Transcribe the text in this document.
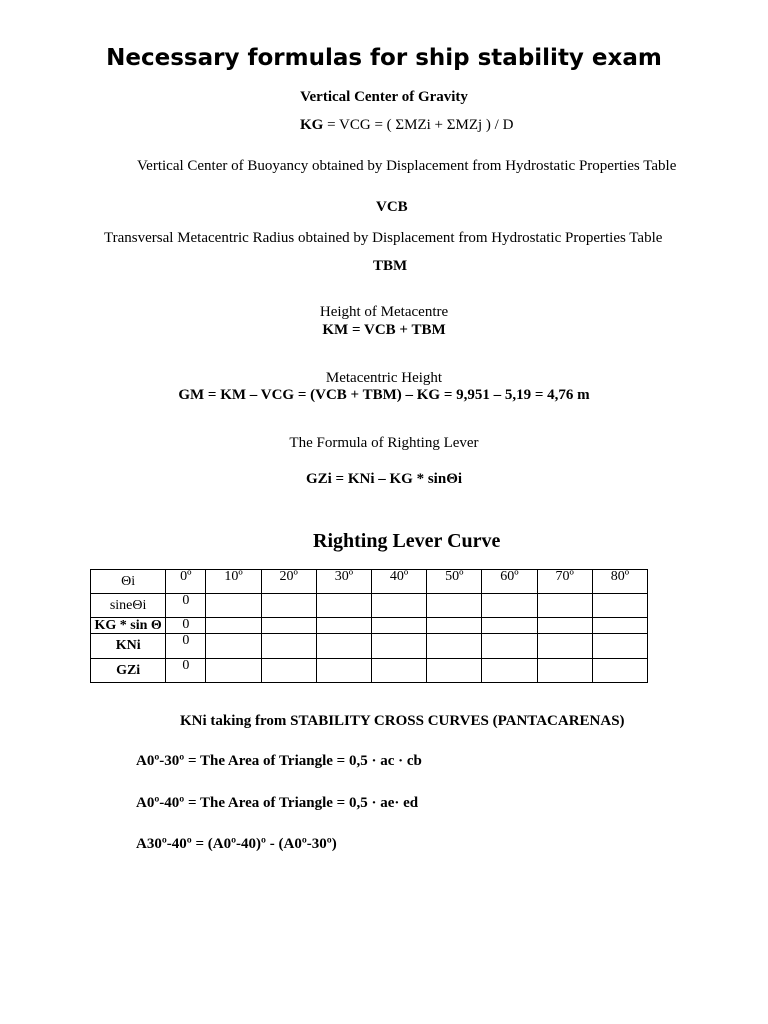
Necessary formulas for ship stability exam
Vertical Center of Gravity
KG = VCG = ( ΣMZi + ΣMZj ) / D
Vertical Center of Buoyancy obtained by Displacement from Hydrostatic Properties Table
VCB
Transversal Metacentric Radius obtained by Displacement from Hydrostatic Properties Table
TBM
Height of Metacentre
KM = VCB + TBM
Metacentric Height
GM = KM – VCG = (VCB + TBM) – KG = 9,951 – 5,19 = 4,76 m
The Formula of Righting Lever
GZi = KNi – KG * sinΘi
Righting Lever Curve
Θi	0º	10º	20º	30º	40º	50º	60º	70º	80º
sineΘi	0								
KG * sin Θ	0								
KNi	0								
GZi	0								
KNi taking from STABILITY CROSS CURVES (PANTACARENAS)
A0º-30º = The Area of Triangle = 0,5 · ac · cb
A0º-40º = The Area of Triangle = 0,5 · ae· ed
A30º-40º = (A0º-40)º - (A0º-30º)
